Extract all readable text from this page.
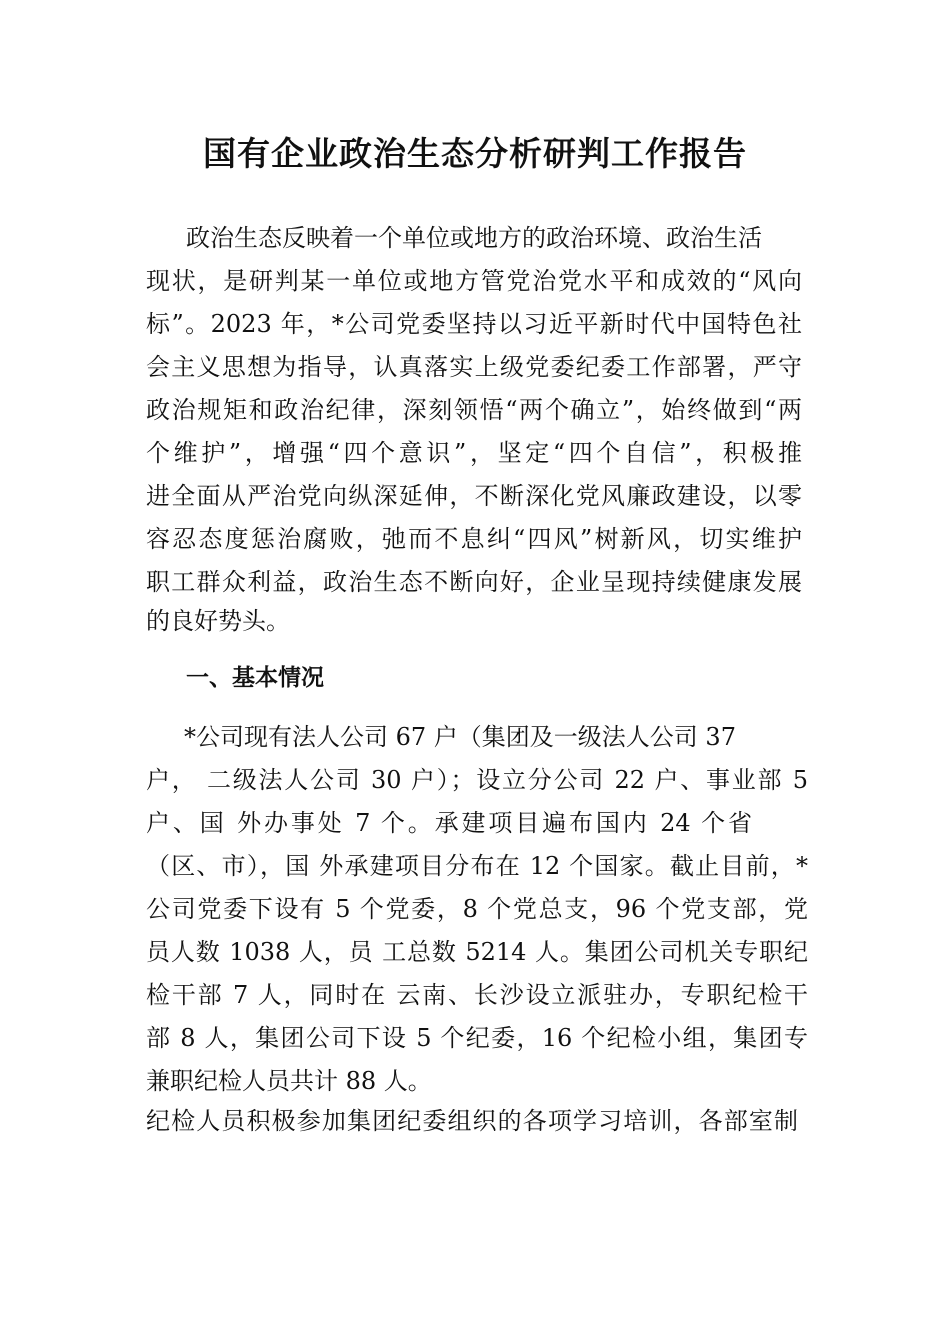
国有企业政治生态分析研判工作报告

政治生态反映着一个单位或地方的政治环境、政治生活

现状，是研判某一单位或地方管党治党水平和成效的“风向

标”。2023 年，*公司党委坚持以习近平新时代中国特色社

会主义思想为指导，认真落实上级党委纪委工作部署，严守

政治规矩和政治纪律，深刻领悟“两个确立”，始终做到“两

个维护”，增强“四个意识”，坚定“四个自信”，积极推

进全面从严治党向纵深延伸，不断深化党风廉政建设，以零

容忍态度惩治腐败，弛而不息纠“四风”树新风，切实维护

职工群众利益，政治生态不断向好，企业呈现持续健康发展

的良好势头。

一、基本情况

*公司现有法人公司 67 户（集团及一级法人公司 37

户， 二级法人公司 30 户）；设立分公司 22 户、事业部 5

户、国 外办事处 7 个。承建项目遍布国内 24 个省

（区、市），国 外承建项目分布在 12 个国家。截止目前，*

公司党委下设有 5 个党委，8 个党总支，96 个党支部，党

员人数 1038 人，员 工总数 5214 人。集团公司机关专职纪

检干部 7 人，同时在 云南、长沙设立派驻办，专职纪检干

部 8 人，集团公司下设 5 个纪委，16 个纪检小组，集团专

兼职纪检人员共计 88 人。

纪检人员积极参加集团纪委组织的各项学习培训，各部室制
